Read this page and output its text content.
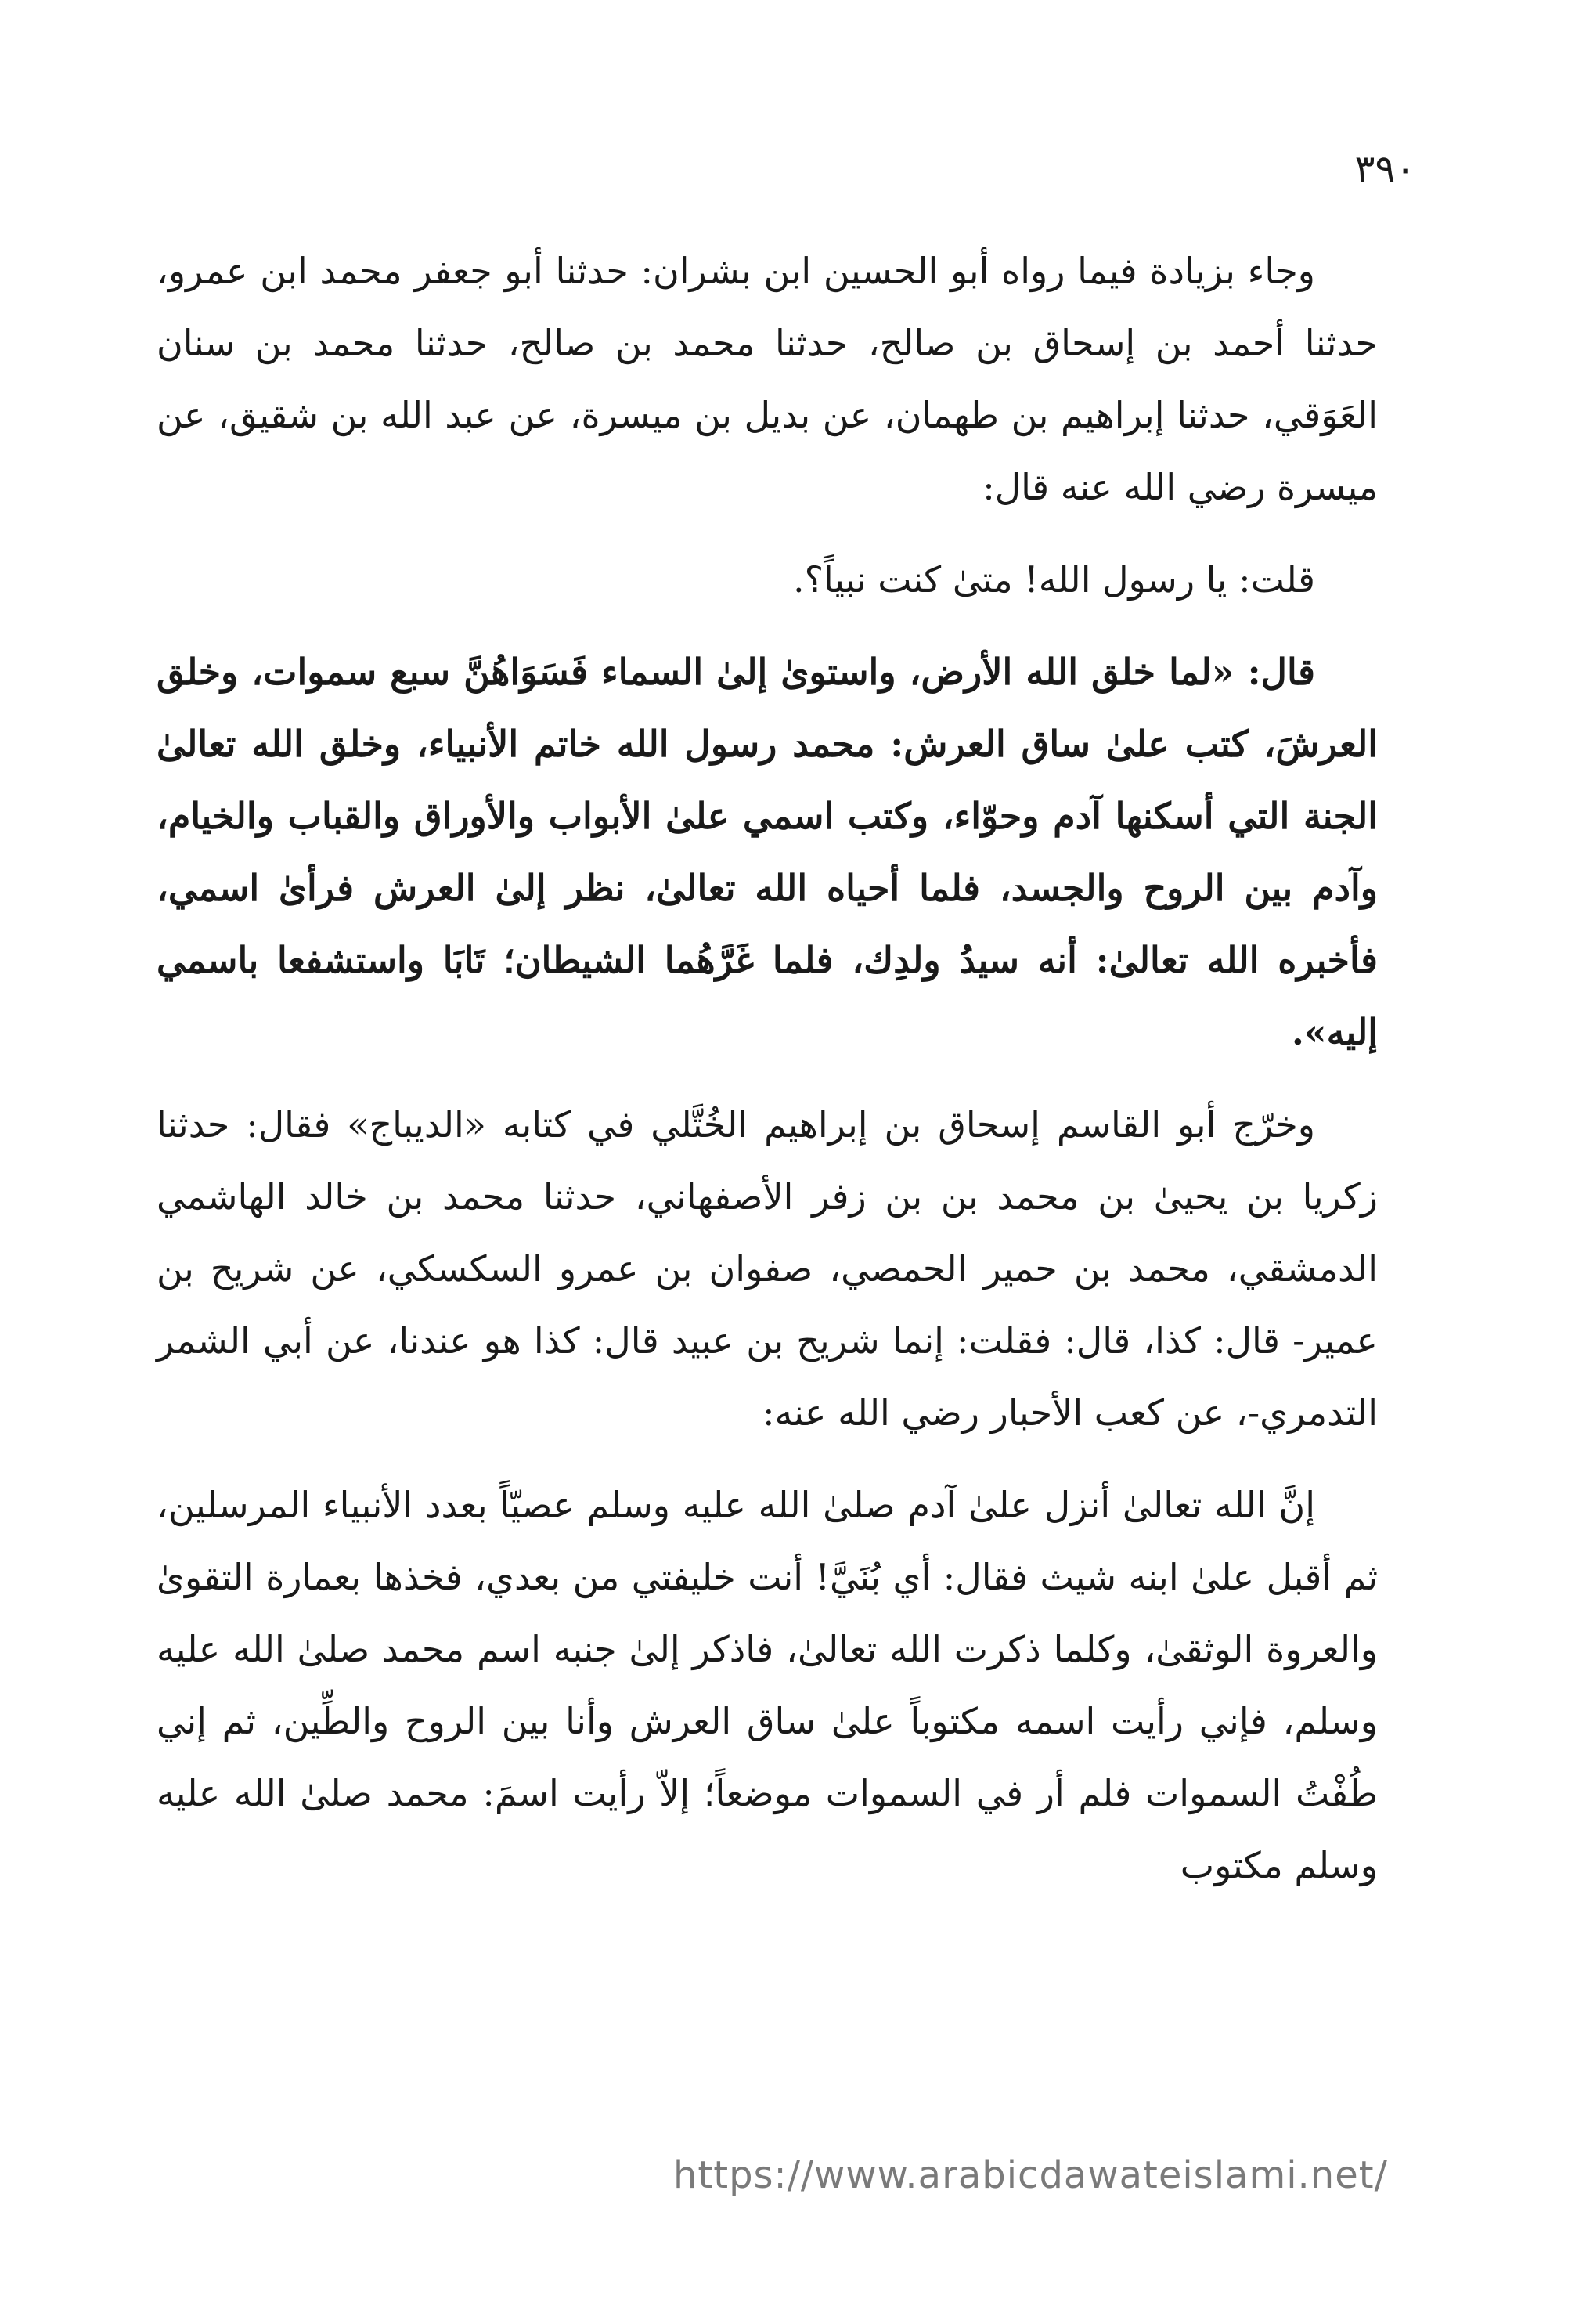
٣٩٠

وجاء بزيادة فيما رواه أبو الحسين ابن بشران: حدثنا أبو جعفر محمد ابن عمرو، حدثنا أحمد بن إسحاق بن صالح، حدثنا محمد بن صالح، حدثنا محمد بن سنان العَوَقي، حدثنا إبراهيم بن طهمان، عن بديل بن ميسرة، عن عبد الله بن شقيق، عن ميسرة رضي الله عنه قال:

قلت: يا رسول الله! متىٰ كنت نبياً؟.

قال: «لما خلق الله الأرض، واستوىٰ إلىٰ السماء فَسَوَاهُنَّ سبع سموات، وخلق العرشَ، كتب علىٰ ساق العرش: محمد رسول الله خاتم الأنبياء، وخلق الله تعالىٰ الجنة التي أسكنها آدم وحوّاء، وكتب اسمي علىٰ الأبواب والأوراق والقباب والخيام، وآدم بين الروح والجسد، فلما أحياه الله تعالىٰ، نظر إلىٰ العرش فرأىٰ اسمي، فأخبره الله تعالىٰ: أنه سيدُ ولدِك، فلما غَرَّهُما الشيطان؛ تَابَا واستشفعا باسمي إليه».

وخرّج أبو القاسم إسحاق بن إبراهيم الخُتَّلي في كتابه «الديباج» فقال: حدثنا زكريا بن يحيىٰ بن محمد بن بن زفر الأصفهاني، حدثنا محمد بن خالد الهاشمي الدمشقي، محمد بن حمير الحمصي، صفوان بن عمرو السكسكي، عن شريح بن عمير- قال: كذا، قال: فقلت: إنما شريح بن عبيد قال: كذا هو عندنا، عن أبي الشمر التدمري-، عن كعب الأحبار رضي الله عنه:

إنَّ الله تعالىٰ أنزل علىٰ آدم صلىٰ الله عليه وسلم عصيّاً بعدد الأنبياء المرسلين، ثم أقبل علىٰ ابنه شيث فقال: أي بُنَيَّ! أنت خليفتي من بعدي، فخذها بعمارة التقوىٰ والعروة الوثقىٰ، وكلما ذكرت الله تعالىٰ، فاذكر إلىٰ جنبه اسم محمد صلىٰ الله عليه وسلم، فإني رأيت اسمه مكتوباً علىٰ ساق العرش وأنا بين الروح والطِّين، ثم إني طُفْتُ السموات فلم أر في السموات موضعاً؛ إلاّ رأيت اسمَ: محمد صلىٰ الله عليه وسلم مكتوب

https://www.arabicdawateislami.net/
